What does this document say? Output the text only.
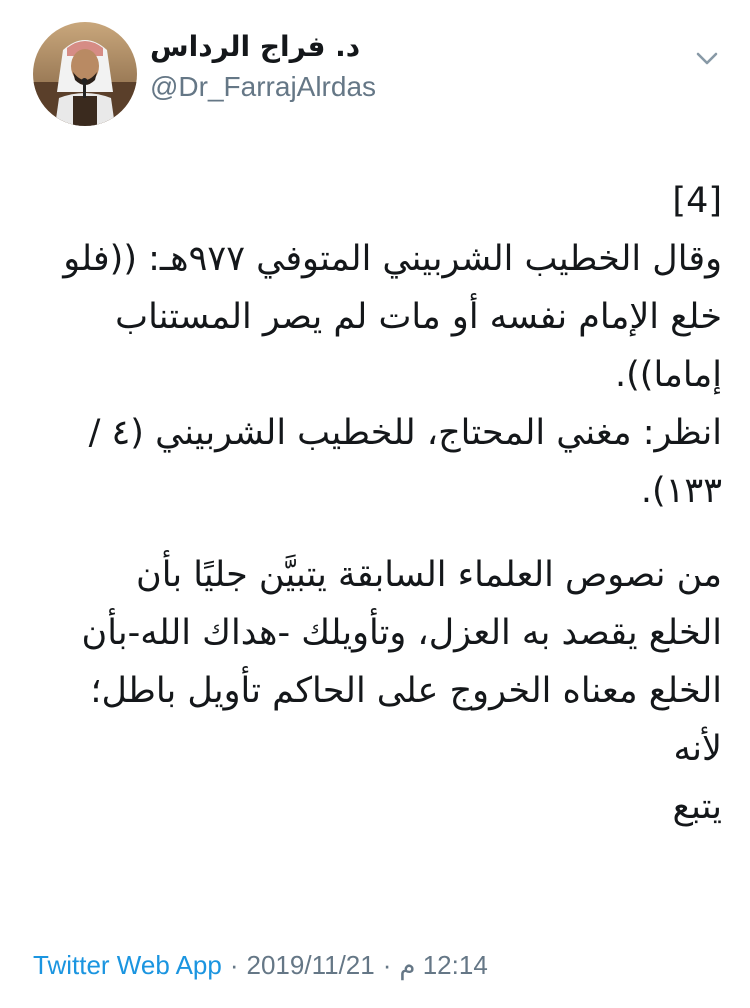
د. فراج الرداس
@Dr_FarrajAlrdas

[4]

وقال الخطيب الشربيني المتوفي ٩٧٧هـ: ((فلو

خلع الإمام نفسه أو مات لم يصر المستناب

إماما)).

انظر: مغني المحتاج، للخطيب الشربيني (٤ /

١٣٣).

من نصوص العلماء السابقة يتبيَّن جليًا بأن

الخلع يقصد به العزل، وتأويلك -هداك الله-بأن

الخلع معناه الخروج على الحاكم تأويل باطل؛

لأنه

يتبع

Twitter Web App · 2019/11/21 · 12:14 م
